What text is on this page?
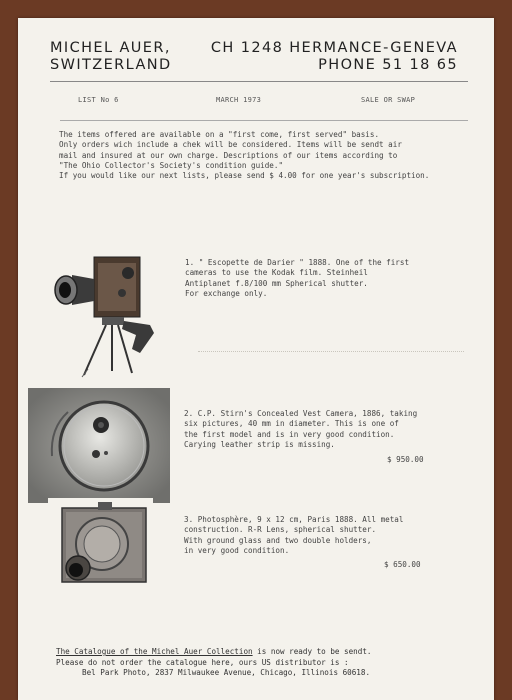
MICHEL AUER,	CH 1248 HERMANCE-GENEVA
SWITZERLAND	PHONE 51 18 65
LIST No 6	MARCH 1973	SALE OR SWAP
The items offered are available on a "first come, first served" basis.
Only orders wich include a chek will be considered. Items will be sendt air
mail and insured at our own charge. Descriptions of our items according to
"The Ohio Collector's Society's condition guide."
If you would like our next lists, please send $ 4.00 for one year's subscription.
1. " Escopette de Darier " 1888. One of the first
cameras to use the Kodak film. Steinheil
Antiplanet f.8/100 mm Spherical shutter.
For exchange only.
2. C.P. Stirn's Concealed Vest Camera, 1886, taking
six pictures, 40 mm in diameter. This is one of
the first model and is in very good condition.
Carying leather strip is missing.
$ 950.00
3. Photosphère, 9 x 12 cm, Paris 1888. All metal
construction. R-R Lens, spherical shutter.
With ground glass and two double holders,
in very good condition.
$ 650.00
The Catalogue of the Michel Auer Collection is now ready to be sendt.
Please do not order the catalogue here, ours US distributor is :
Bel Park Photo, 2837 Milwaukee Avenue, Chicago, Illinois 60618.
